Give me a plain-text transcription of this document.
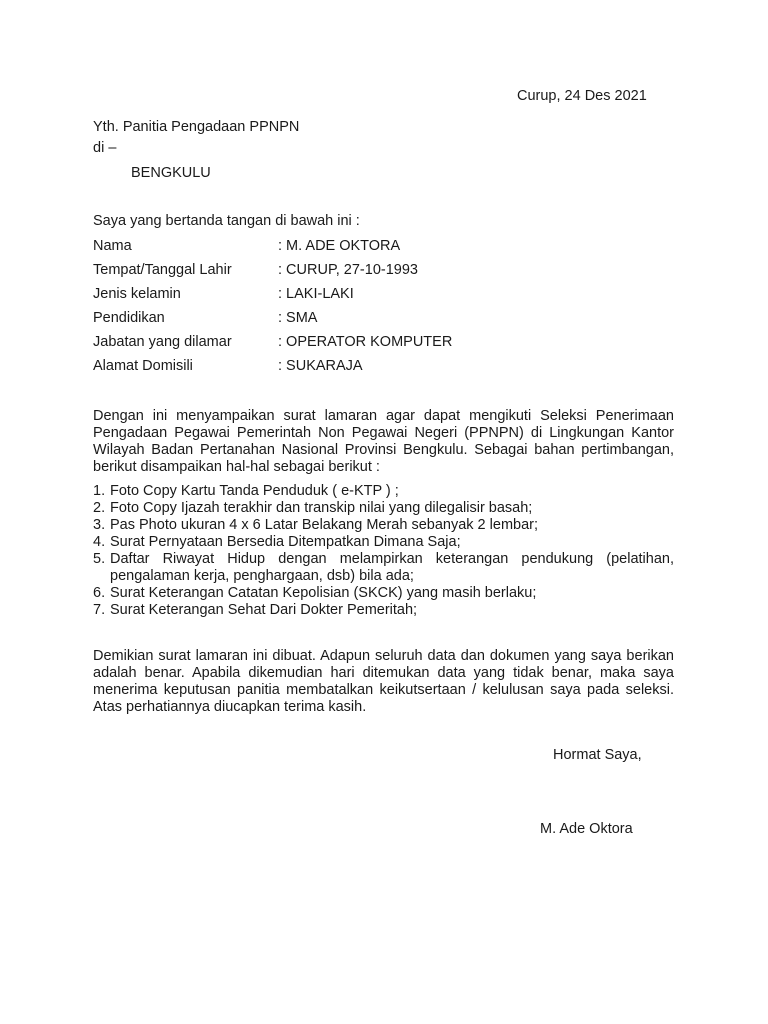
Curup, 24 Des 2021
Yth. Panitia Pengadaan PPNPN
di –
BENGKULU
Saya yang bertanda tangan di bawah ini :
Nama	: M. ADE OKTORA
Tempat/Tanggal Lahir	: CURUP, 27-10-1993
Jenis kelamin	: LAKI-LAKI
Pendidikan	: SMA
Jabatan yang dilamar	: OPERATOR KOMPUTER
Alamat Domisili	: SUKARAJA
Dengan ini menyampaikan surat lamaran agar dapat mengikuti Seleksi Penerimaan Pengadaan Pegawai Pemerintah Non Pegawai Negeri (PPNPN) di Lingkungan Kantor Wilayah Badan Pertanahan Nasional Provinsi Bengkulu. Sebagai bahan pertimbangan, berikut disampaikan hal-hal sebagai berikut :
1. Foto Copy Kartu Tanda Penduduk ( e-KTP ) ;
2. Foto Copy Ijazah terakhir dan transkip nilai yang dilegalisir basah;
3. Pas Photo ukuran 4 x 6 Latar Belakang Merah sebanyak 2 lembar;
4. Surat Pernyataan Bersedia Ditempatkan Dimana Saja;
5. Daftar Riwayat Hidup dengan melampirkan keterangan pendukung (pelatihan, pengalaman kerja, penghargaan, dsb) bila ada;
6. Surat Keterangan Catatan Kepolisian (SKCK) yang masih berlaku;
7. Surat Keterangan Sehat Dari Dokter Pemeritah;
Demikian surat lamaran ini dibuat. Adapun seluruh data dan dokumen yang saya berikan adalah benar. Apabila dikemudian hari ditemukan data yang tidak benar, maka saya menerima keputusan panitia membatalkan keikutsertaan / kelulusan saya pada seleksi. Atas perhatiannya diucapkan terima kasih.
Hormat Saya,
M. Ade Oktora
